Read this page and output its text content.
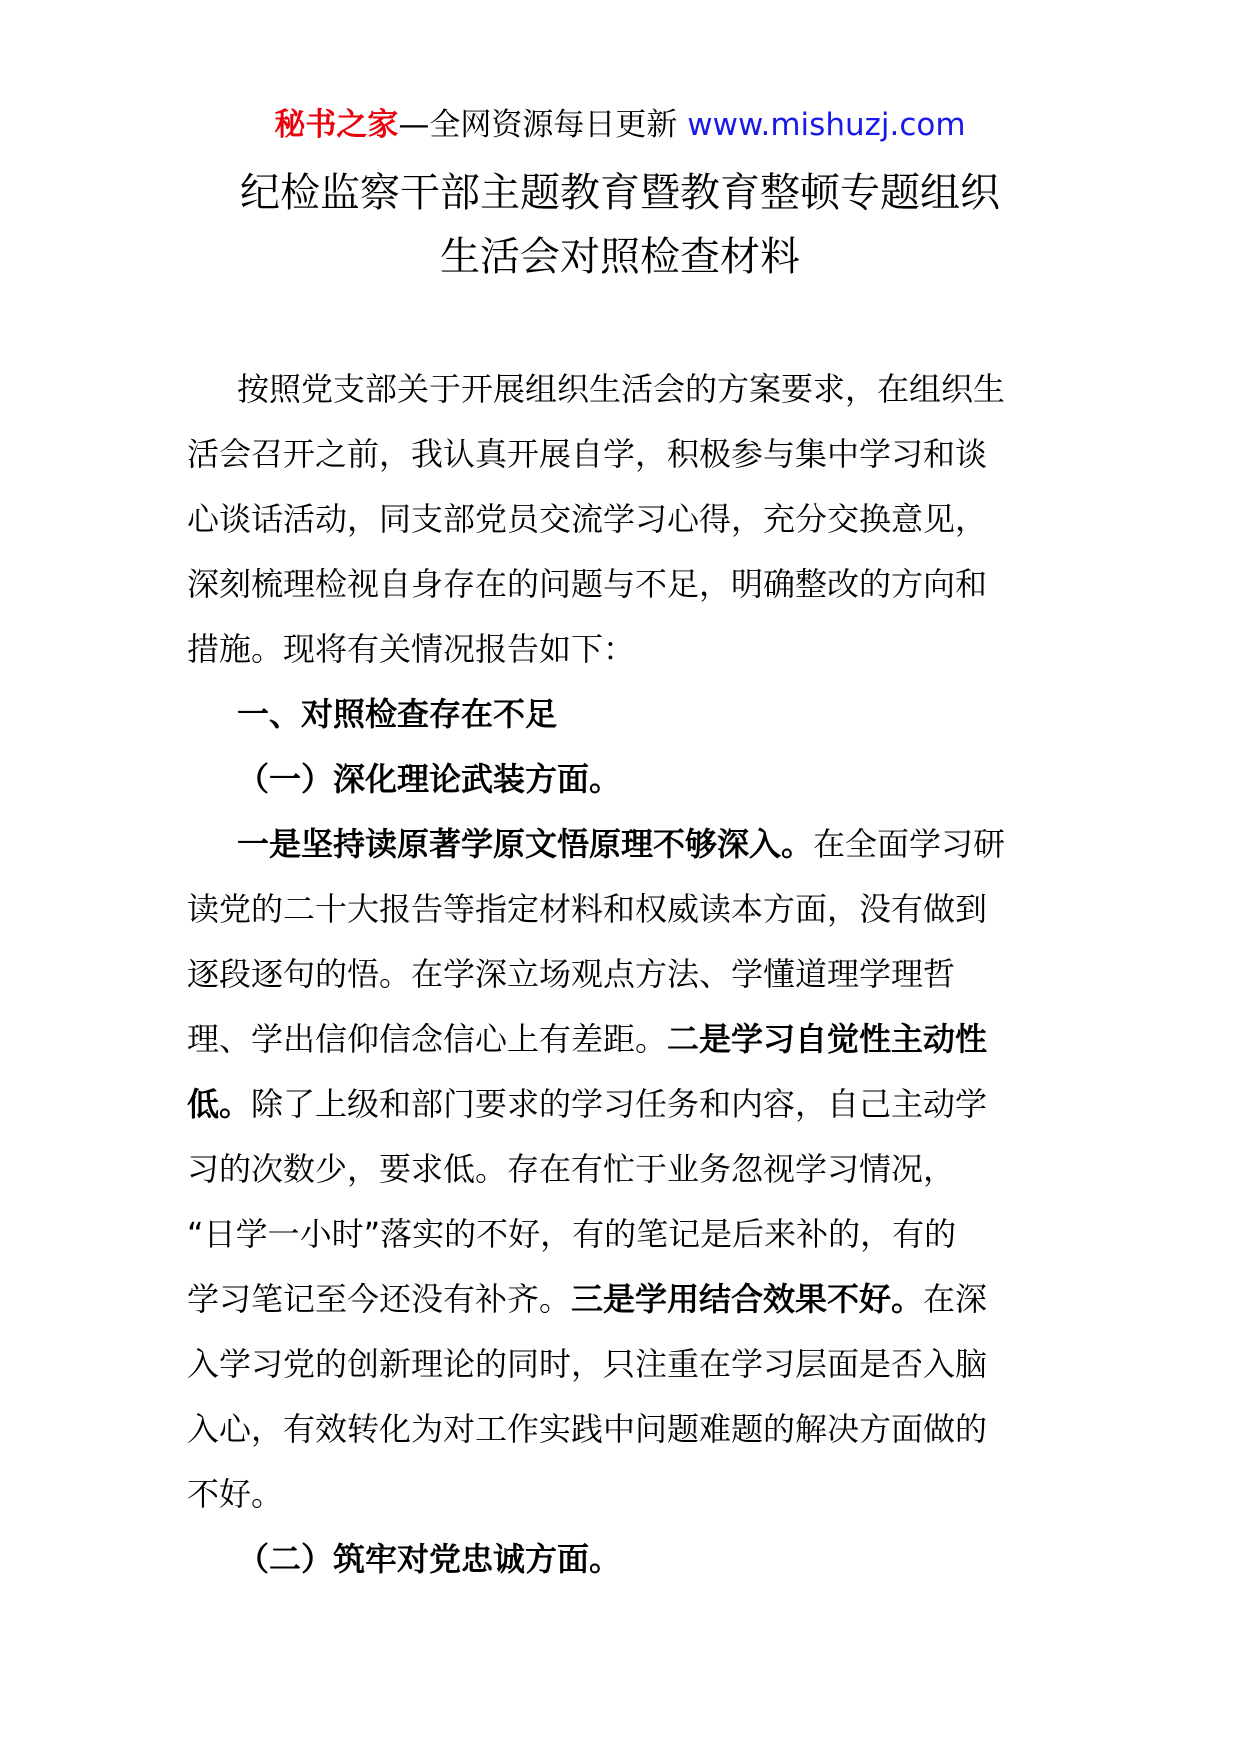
秘书之家—全网资源每日更新 www.mishuzj.com
纪检监察干部主题教育暨教育整顿专题组织
生活会对照检查材料
按照党支部关于开展组织生活会的方案要求，在组织生
活会召开之前，我认真开展自学，积极参与集中学习和谈
心谈话活动，同支部党员交流学习心得，充分交换意见，
深刻梳理检视自身存在的问题与不足，明确整改的方向和
措施。现将有关情况报告如下：
一、对照检查存在不足
（一）深化理论武装方面。
一是坚持读原著学原文悟原理不够深入。在全面学习研
读党的二十大报告等指定材料和权威读本方面，没有做到
逐段逐句的悟。在学深立场观点方法、学懂道理学理哲
理、学出信仰信念信心上有差距。二是学习自觉性主动性
低。除了上级和部门要求的学习任务和内容，自己主动学
习的次数少，要求低。存在有忙于业务忽视学习情况，
“日学一小时”落实的不好，有的笔记是后来补的，有的
学习笔记至今还没有补齐。三是学用结合效果不好。在深
入学习党的创新理论的同时，只注重在学习层面是否入脑
入心，有效转化为对工作实践中问题难题的解决方面做的
不好。
（二）筑牢对党忠诚方面。
